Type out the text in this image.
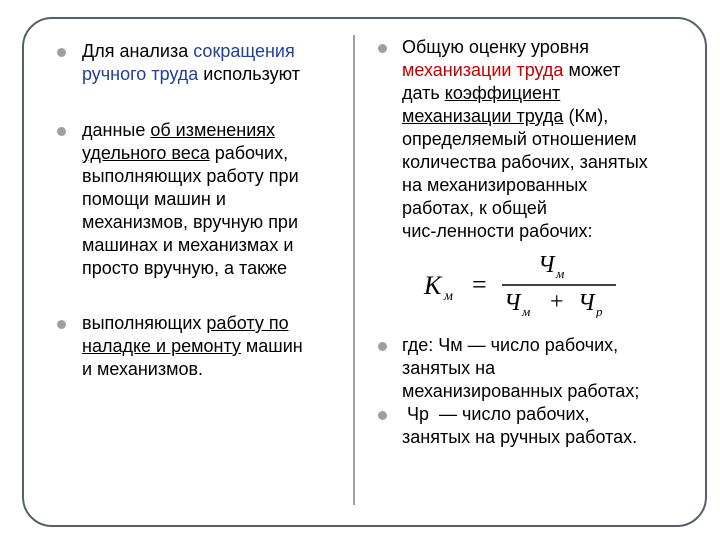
Для анализа сокращения
ручного труда используют
данные об изменениях
удельного веса рабочих,
выполняющих работу при
помощи машин и
механизмов, вручную при
машинах и механизмах и
просто вручную, а также
выполняющих работу по
наладке и ремонту машин
и механизмов.
Общую оценку уровня
механизации труда может
дать коэффициент
механизации труда (Км),
определяемый отношением
количества рабочих, занятых
на механизированных
работах, к общей
чис-ленности рабочих:
K м =
Ч м
Ч м + Ч р
где: Чм — число рабочих,
занятых на
механизированных работах;
Чр  — число рабочих,
занятых на ручных работах.
